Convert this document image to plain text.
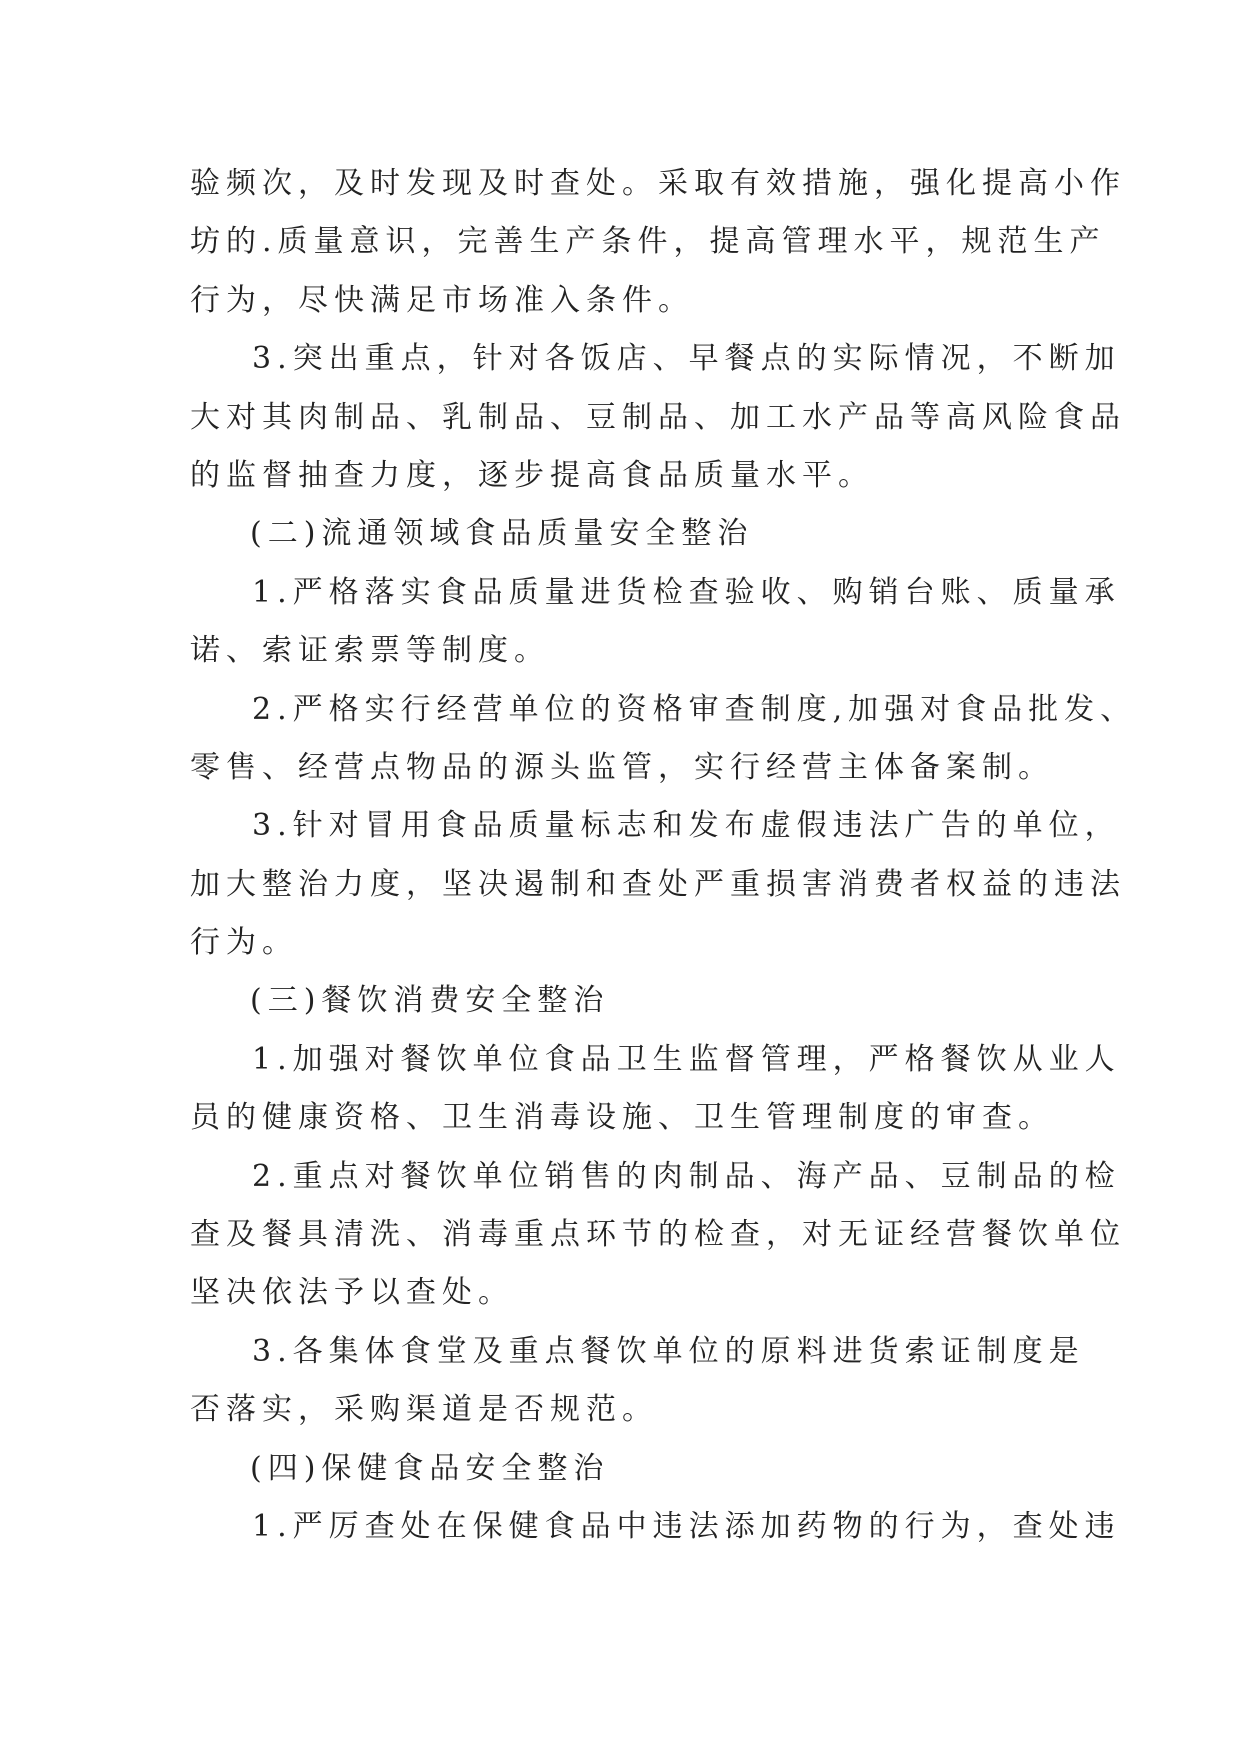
验频次，及时发现及时查处。采取有效措施，强化提高小作
坊的.质量意识，完善生产条件，提高管理水平，规范生产
行为，尽快满足市场准入条件。
3.突出重点，针对各饭店、早餐点的实际情况，不断加
大对其肉制品、乳制品、豆制品、加工水产品等高风险食品
的监督抽查力度，逐步提高食品质量水平。
(二)流通领域食品质量安全整治
1.严格落实食品质量进货检查验收、购销台账、质量承
诺、索证索票等制度。
2.严格实行经营单位的资格审查制度,加强对食品批发、
零售、经营点物品的源头监管，实行经营主体备案制。
3.针对冒用食品质量标志和发布虚假违法广告的单位，
加大整治力度，坚决遏制和查处严重损害消费者权益的违法
行为。
(三)餐饮消费安全整治
1.加强对餐饮单位食品卫生监督管理，严格餐饮从业人
员的健康资格、卫生消毒设施、卫生管理制度的审查。
2.重点对餐饮单位销售的肉制品、海产品、豆制品的检
查及餐具清洗、消毒重点环节的检查，对无证经营餐饮单位
坚决依法予以查处。
3.各集体食堂及重点餐饮单位的原料进货索证制度是
否落实，采购渠道是否规范。
(四)保健食品安全整治
1.严厉查处在保健食品中违法添加药物的行为，查处违
